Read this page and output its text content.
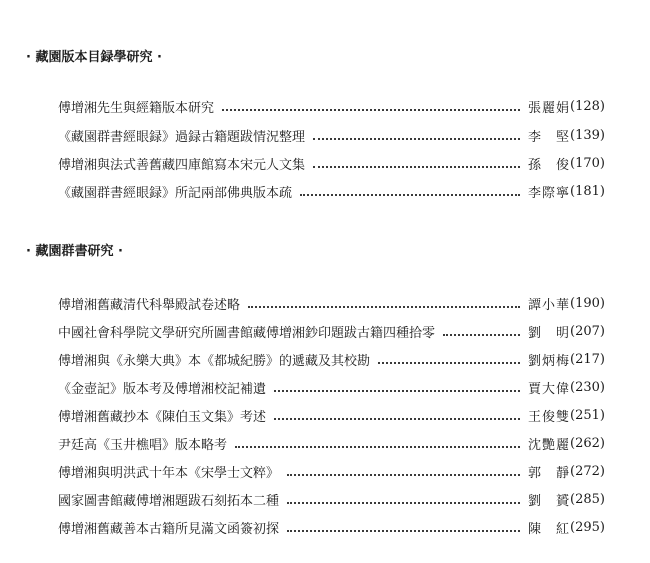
· 藏園版本目録學研究 ·
傅增湘先生與經籍版本研究	張麗娟 (128)
《藏園群書經眼録》過録古籍題跋情況整理	李　堅 (139)
傅增湘與法式善舊藏四庫館寫本宋元人文集	孫　俊 (170)
《藏園群書經眼録》所記兩部佛典版本疏	李際寧 (181)
· 藏園群書研究 ·
傅增湘舊藏清代科舉殿試卷述略	譚小華 (190)
中國社會科學院文學研究所圖書館藏傅增湘鈔印題跋古籍四種拾零	劉　明 (207)
傅增湘與《永樂大典》本《都城紀勝》的遞藏及其校勘	劉炳梅 (217)
《金壺記》版本考及傅增湘校記補遺	賈大偉 (230)
傅增湘舊藏抄本《陳伯玉文集》考述	王俊雙 (251)
尹廷高《玉井樵唱》版本略考	沈艷麗 (262)
傅增湘與明洪武十年本《宋學士文粹》	郭　靜 (272)
國家圖書館藏傅增湘題跋石刻拓本二種	劉　贇 (285)
傅增湘舊藏善本古籍所見滿文函簽初探	陳　紅 (295)
